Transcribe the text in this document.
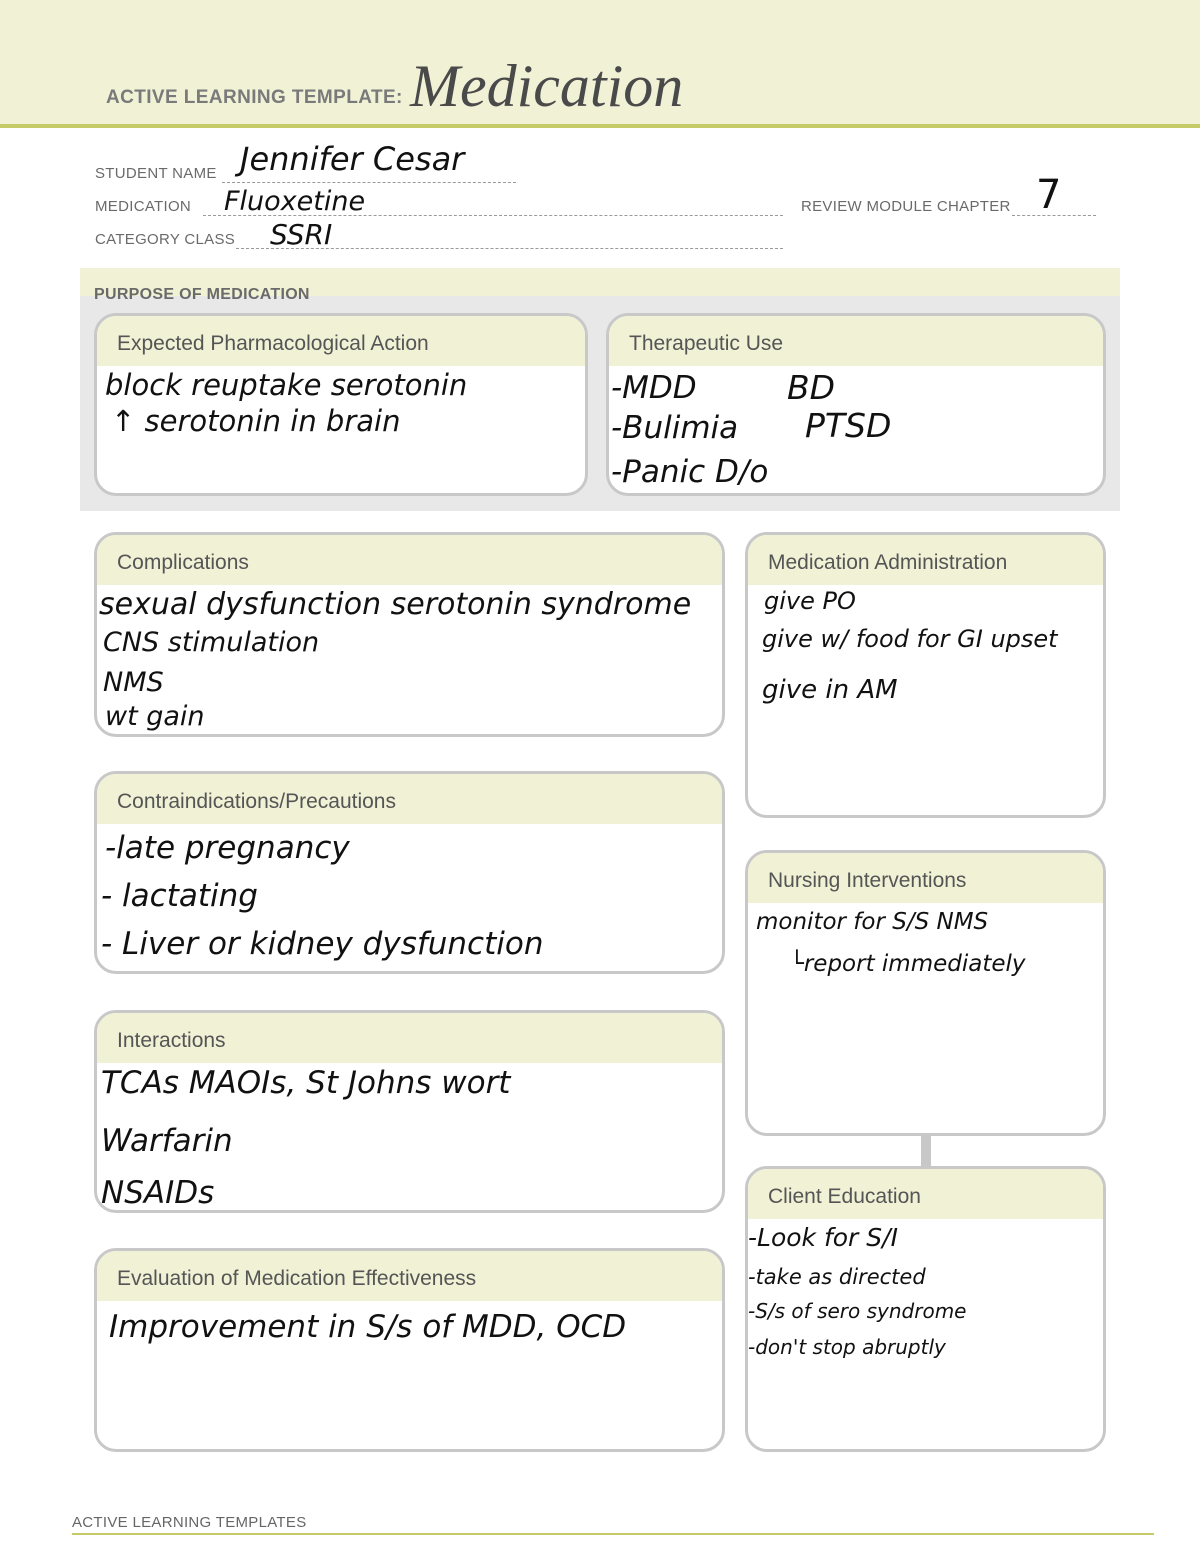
ACTIVE LEARNING TEMPLATE: Medication
STUDENT NAME Jennifer Cesar
MEDICATION Fluoxetine	REVIEW MODULE CHAPTER 7
CATEGORY CLASS SSRI
PURPOSE OF MEDICATION
Expected Pharmacological Action
block reuptake serotonin
↑ serotonin in brain
Therapeutic Use
-MDD
-Bulimia
-Panic D/o
BD
PTSD
Complications
sexual dysfunction serotonin syndrome
CNS stimulation
NMS
wt gain
Medication Administration
give PO
give w/ food for GI upset
give in AM
Contraindications/Precautions
-late pregnancy
- lactating
- Liver or kidney dysfunction
Nursing Interventions
monitor for S/S NMS
└report immediately
Interactions
TCAs MAOIs, St Johns wort
Warfarin
NSAIDs	Client Education
-Look for S/I
-take as directed
-S/s of sero syndrome
-don't stop abruptly
Evaluation of Medication Effectiveness
Improvement in S/s of MDD, OCD
ACTIVE LEARNING TEMPLATES
